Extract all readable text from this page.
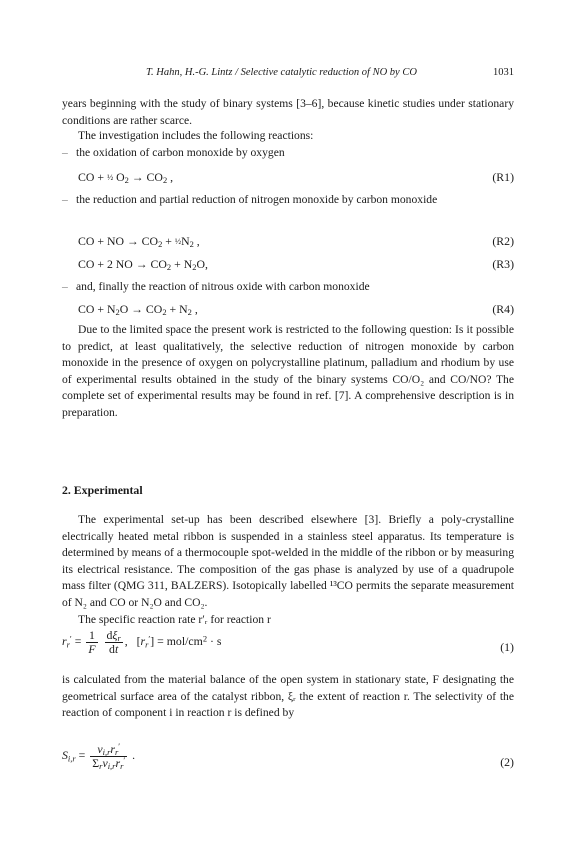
T. Hahn, H.-G. Lintz / Selective catalytic reduction of NO by CO	1031

years beginning with the study of binary systems [3–6], because kinetic studies under stationary conditions are rather scarce.

The investigation includes the following reactions:

– the oxidation of carbon monoxide by oxygen

CO + ½ $O_2 \to CO_2$ ,	(R1)

– the reduction and partial reduction of nitrogen monoxide by carbon monoxide

CO + NO → $CO_2$ + $\frac{1}{2}N_2$ ,	(R2)

CO + 2 NO → $CO_2 + N_2O$,	(R3)

– and, finally the reaction of nitrous oxide with carbon monoxide

CO + $N_2O \to CO_2 + N_2$ ,	(R4)

Due to the limited space the present work is restricted to the following question: Is it possible to predict, at least qualitatively, the selective reduction of nitrogen monoxide by carbon monoxide in the presence of oxygen on polycrystalline platinum, palladium and rhodium by use of experimental results obtained in the study of the binary systems CO/O₂ and CO/NO? The complete set of experimental results may be found in ref. [7]. A comprehensive description is in preparation.

2. Experimental

The experimental set-up has been described elsewhere [3]. Briefly a poly-crystalline electrically heated metal ribbon is suspended in a stainless steel apparatus. Its temperature is determined by means of a thermocouple spot-welded in the middle of the ribbon or by measuring its electrical resistance. The composition of the gas phase is analyzed by use of a quadrupole mass filter (QMG 311, BALZERS). Isotopically labelled ¹³CO permits the separate measurement of N₂ and CO or N₂O and CO₂.

The specific reaction rate r′ᵣ for reaction r

$r_r' = \frac{1}{F}$
$\frac{d\xi_r}{dt}$ ,   $[r_r'] = mol/cm^2 \cdot s$	(1)

is calculated from the material balance of the open system in stationary state, F designating the geometrical surface area of the catalyst ribbon, ξᵣ the extent of reaction r. The selectivity of the reaction of component i in reaction r is defined by

$S_{i,r} = \frac{\nu_{i,r}r_r'}{\Sigma_r\nu_{i,r}r_r'}$ .	(2)
